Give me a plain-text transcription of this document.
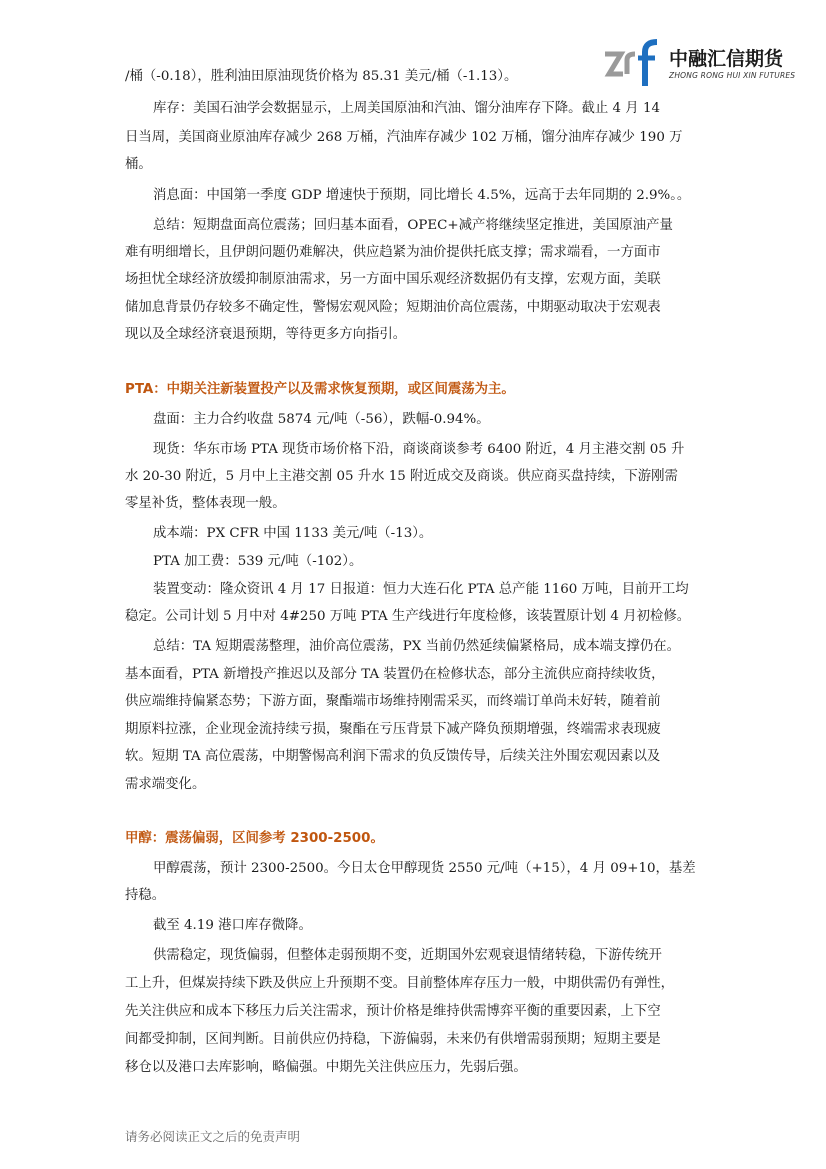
中融汇信期货
ZHONG RONG HUI XIN FUTURES

/桶（-0.18），胜利油田原油现货价格为 85.31 美元/桶（-1.13）。

库存：美国石油学会数据显示，上周美国原油和汽油、馏分油库存下降。截止 4 月 14

日当周，美国商业原油库存减少 268 万桶，汽油库存减少 102 万桶，馏分油库存减少 190 万

桶。

消息面：中国第一季度 GDP 增速快于预期，同比增长 4.5%，远高于去年同期的 2.9%。。

总结：短期盘面高位震荡；回归基本面看，OPEC+减产将继续坚定推进，美国原油产量

难有明细增长，且伊朗问题仍难解决，供应趋紧为油价提供托底支撑；需求端看，一方面市

场担忧全球经济放缓抑制原油需求，另一方面中国乐观经济数据仍有支撑，宏观方面，美联

储加息背景仍存较多不确定性，警惕宏观风险；短期油价高位震荡，中期驱动取决于宏观表

现以及全球经济衰退预期，等待更多方向指引。

PTA：中期关注新装置投产以及需求恢复预期，或区间震荡为主。

盘面：主力合约收盘 5874 元/吨（-56），跌幅-0.94%。

现货：华东市场 PTA 现货市场价格下沿，商谈商谈参考 6400 附近，4 月主港交割 05 升

水 20-30 附近，5 月中上主港交割 05 升水 15 附近成交及商谈。供应商买盘持续，下游刚需

零星补货，整体表现一般。

成本端：PX CFR 中国 1133 美元/吨（-13）。

PTA 加工费：539 元/吨（-102）。

装置变动：隆众资讯 4 月 17 日报道：恒力大连石化 PTA 总产能 1160 万吨，目前开工均

稳定。公司计划 5 月中对 4#250 万吨 PTA 生产线进行年度检修，该装置原计划 4 月初检修。

总结：TA 短期震荡整理，油价高位震荡，PX 当前仍然延续偏紧格局，成本端支撑仍在。

基本面看，PTA 新增投产推迟以及部分 TA 装置仍在检修状态，部分主流供应商持续收货，

供应端维持偏紧态势；下游方面，聚酯端市场维持刚需采买，而终端订单尚未好转，随着前

期原料拉涨，企业现金流持续亏损，聚酯在亏压背景下减产降负预期增强，终端需求表现疲

软。短期 TA 高位震荡，中期警惕高利润下需求的负反馈传导，后续关注外围宏观因素以及

需求端变化。

甲醇：震荡偏弱，区间参考 2300-2500。

甲醇震荡，预计 2300-2500。今日太仓甲醇现货 2550 元/吨（+15），4 月 09+10，基差

持稳。

截至 4.19 港口库存微降。

供需稳定，现货偏弱，但整体走弱预期不变，近期国外宏观衰退情绪转稳，下游传统开

工上升，但煤炭持续下跌及供应上升预期不变。目前整体库存压力一般，中期供需仍有弹性，

先关注供应和成本下移压力后关注需求，预计价格是维持供需博弈平衡的重要因素，上下空

间都受抑制，区间判断。目前供应仍持稳，下游偏弱，未来仍有供增需弱预期；短期主要是

移仓以及港口去库影响，略偏强。中期先关注供应压力，先弱后强。

请务必阅读正文之后的免责声明
